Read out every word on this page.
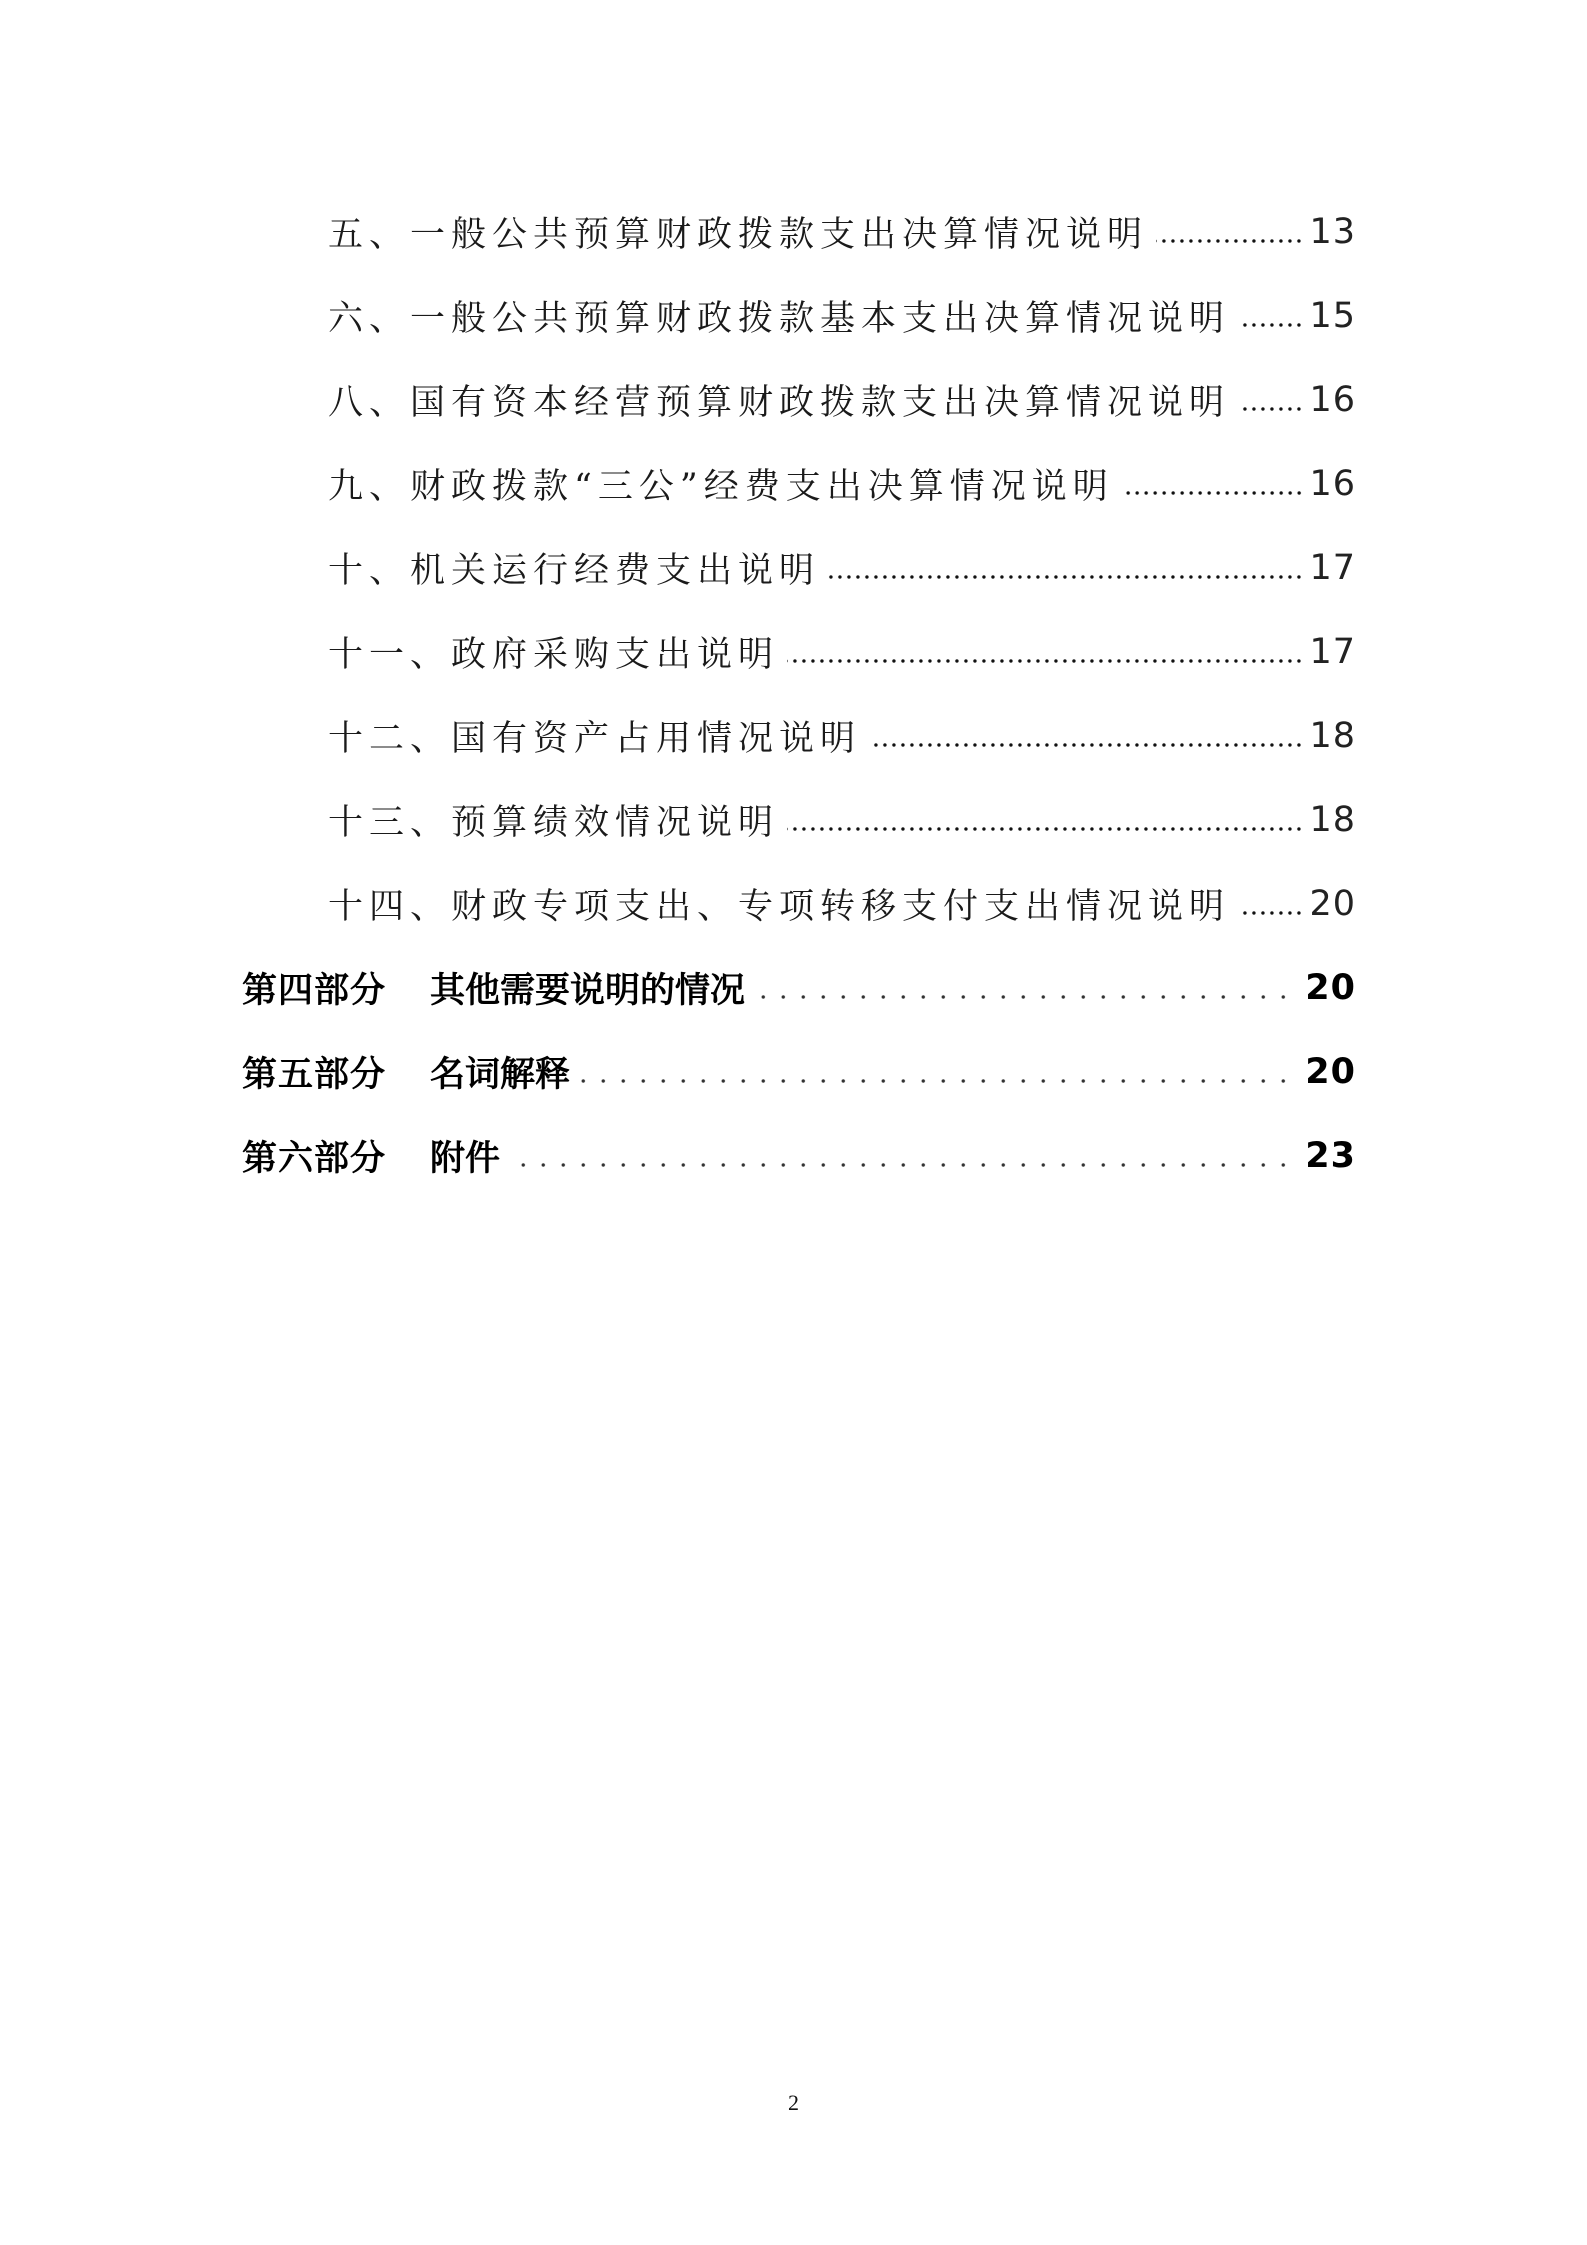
五、一般公共预算财政拨款支出决算情况说明	13
六、一般公共预算财政拨款基本支出决算情况说明 15
八、国有资本经营预算财政拨款支出决算情况说明 16
九、财政拨款“三公”经费支出决算情况说明	16
十、机关运行经费支出说明	17
十一、政府采购支出说明	17
十二、国有资产占用情况说明	18
十三、预算绩效情况说明	18
十四、财政专项支出、专项转移支付支出情况说明 20
第四部分	其他需要说明的情况	20
第五部分	名词解释	20
第六部分	附件	23
2
